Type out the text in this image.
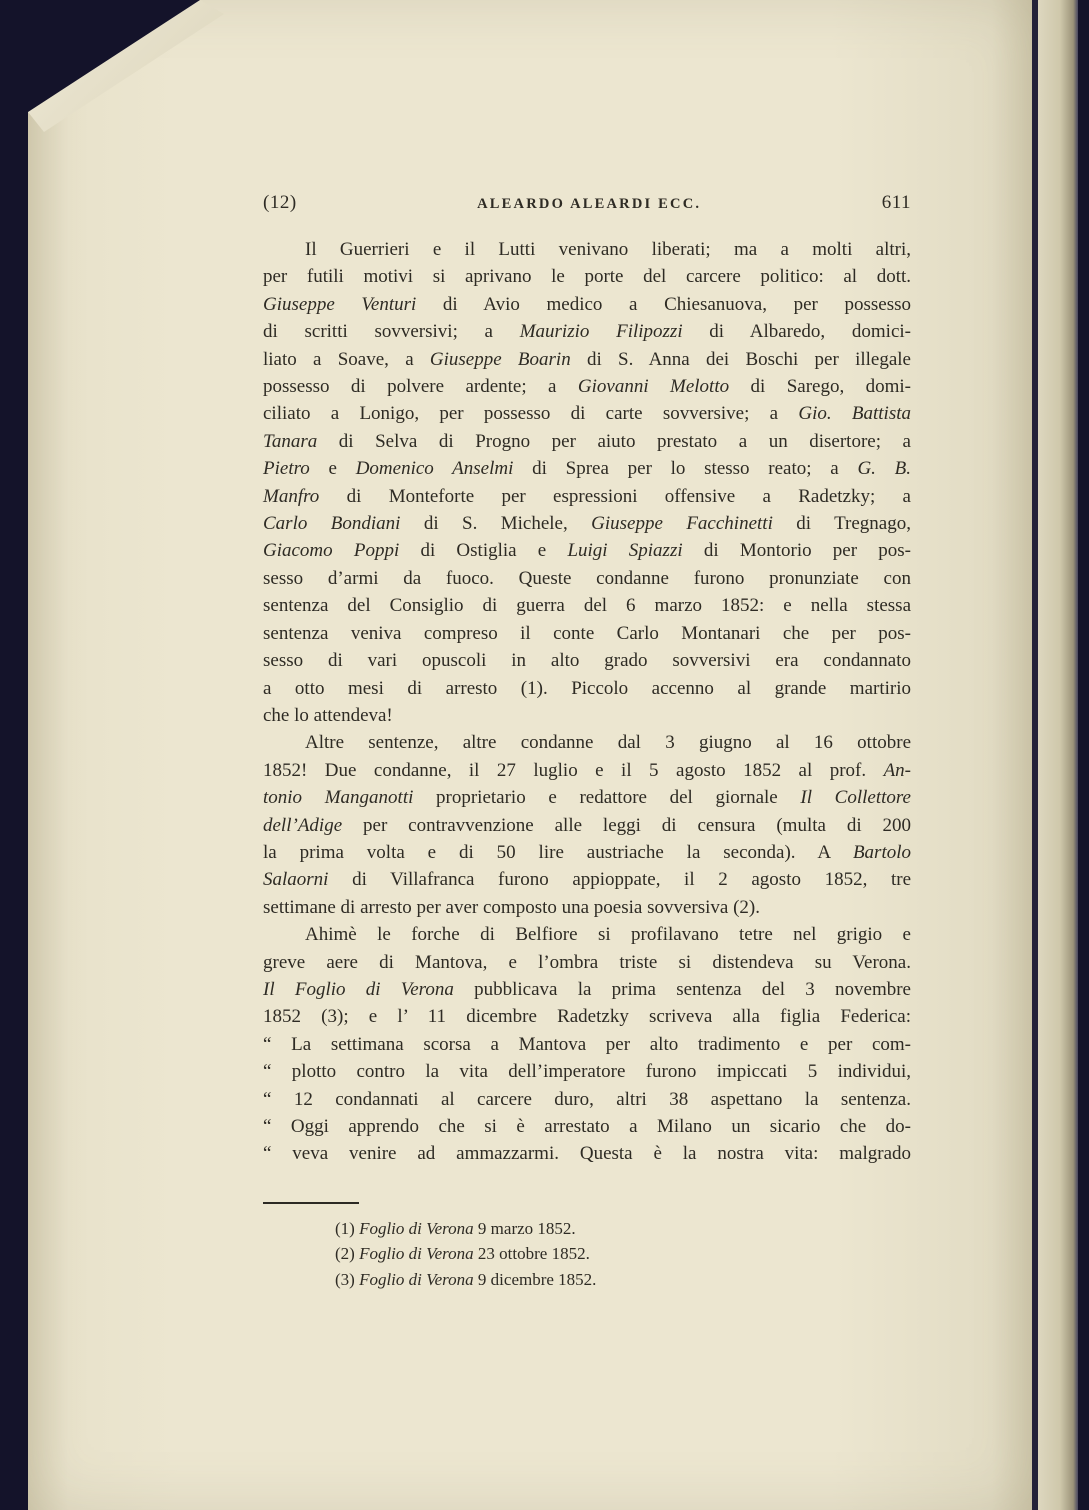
(12)	ALEARDO ALEARDI ECC.	611
Il Guerrieri e il Lutti venivano liberati; ma a molti altri,
per futili motivi si aprivano le porte del carcere politico: al dott.
Giuseppe Venturi di Avio medico a Chiesanuova, per possesso
di scritti sovversivi; a Maurizio Filipozzi di Albaredo, domici-
liato a Soave, a Giuseppe Boarin di S. Anna dei Boschi per illegale
possesso di polvere ardente; a Giovanni Melotto di Sarego, domi-
ciliato a Lonigo, per possesso di carte sovversive; a Gio. Battista
Tanara di Selva di Progno per aiuto prestato a un disertore; a
Pietro e Domenico Anselmi di Sprea per lo stesso reato; a G. B.
Manfro di Monteforte per espressioni offensive a Radetzky; a
Carlo Bondiani di S. Michele, Giuseppe Facchinetti di Tregnago,
Giacomo Poppi di Ostiglia e Luigi Spiazzi di Montorio per pos-
sesso d’armi da fuoco. Queste condanne furono pronunziate con
sentenza del Consiglio di guerra del 6 marzo 1852: e nella stessa
sentenza veniva compreso il conte Carlo Montanari che per pos-
sesso di vari opuscoli in alto grado sovversivi era condannato
a otto mesi di arresto (1). Piccolo accenno al grande martirio
che lo attendeva!
Altre sentenze, altre condanne dal 3 giugno al 16 ottobre
1852! Due condanne, il 27 luglio e il 5 agosto 1852 al prof. An-
tonio Manganotti proprietario e redattore del giornale Il Collettore
dell’Adige per contravvenzione alle leggi di censura (multa di 200
la prima volta e di 50 lire austriache la seconda). A Bartolo
Salaorni di Villafranca furono appioppate, il 2 agosto 1852, tre
settimane di arresto per aver composto una poesia sovversiva (2).
Ahimè le forche di Belfiore si profilavano tetre nel grigio e
greve aere di Mantova, e l’ombra triste si distendeva su Verona.
Il Foglio di Verona pubblicava la prima sentenza del 3 novembre
1852 (3); e l’ 11 dicembre Radetzky scriveva alla figlia Federica:
“ La settimana scorsa a Mantova per alto tradimento e per com-
“ plotto contro la vita dell’imperatore furono impiccati 5 individui,
“ 12 condannati al carcere duro, altri 38 aspettano la sentenza.
“ Oggi apprendo che si è arrestato a Milano un sicario che do-
“ veva venire ad ammazzarmi. Questa è la nostra vita: malgrado
(1) Foglio di Verona 9 marzo 1852.
(2) Foglio di Verona 23 ottobre 1852.
(3) Foglio di Verona 9 dicembre 1852.
